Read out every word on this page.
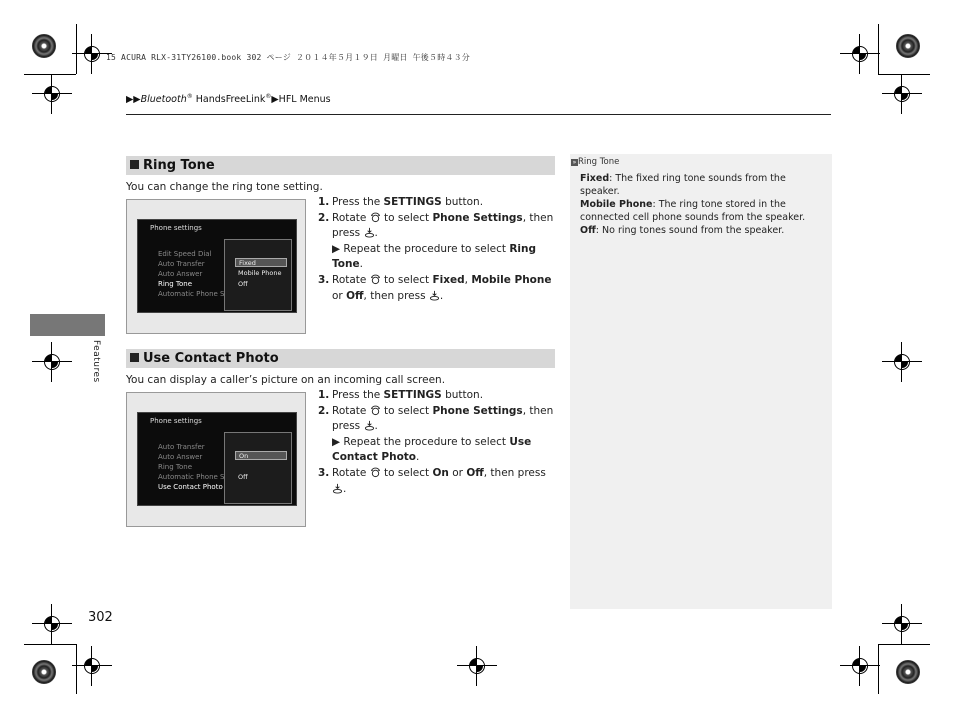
15 ACURA RLX-31TY26100.book 302 ページ ２０１４年５月１９日 月曜日 午後５時４３分
▶▶Bluetooth® HandsFreeLink®▶HFL Menus
Ring Tone
You can change the ring tone setting.
Phone settings
Edit Speed Dial
Auto Transfer
Auto Answer
Ring Tone
Automatic Phone S
Fixed
Mobile Phone
Off
1. Press the SETTINGS button.
2. Rotate  to select Phone Settings, then press .
▶ Repeat the procedure to select Ring Tone.
3. Rotate  to select Fixed, Mobile Phone or Off, then press .
Use Contact Photo
You can display a caller’s picture on an incoming call screen.
Phone settings
Auto Transfer
Auto Answer
Ring Tone
Automatic Phone S
Use Contact Photo
On
Off
1. Press the SETTINGS button.
2. Rotate  to select Phone Settings, then press .
▶ Repeat the procedure to select Use Contact Photo.
3. Rotate  to select On or Off, then press .
» Ring Tone
Fixed: The fixed ring tone sounds from the speaker.
Mobile Phone: The ring tone stored in the connected cell phone sounds from the speaker.
Off: No ring tones sound from the speaker.
Features
302
